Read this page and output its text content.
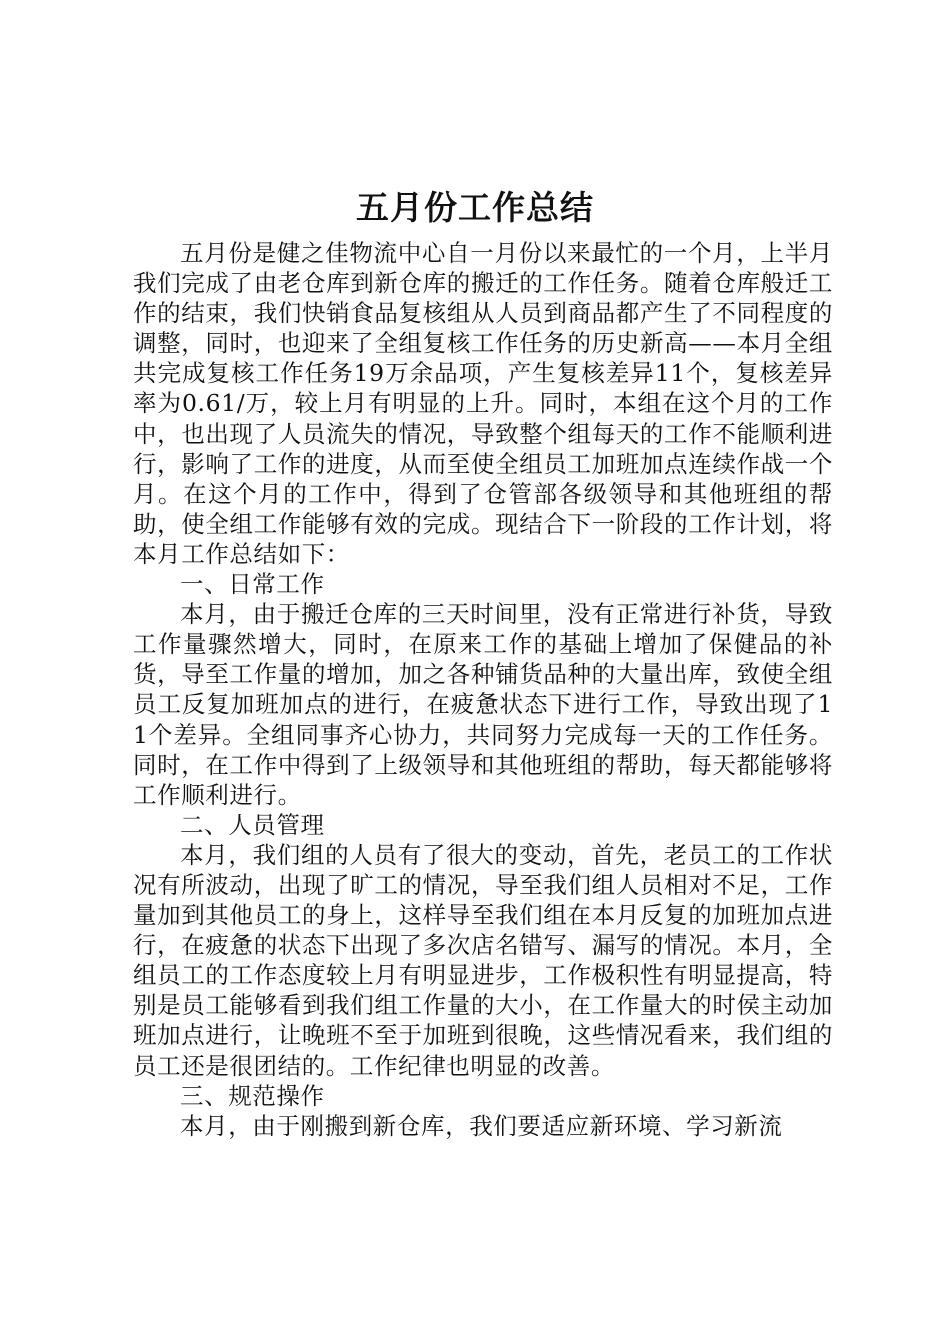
五月份工作总结

五月份是健之佳物流中心自一月份以来最忙的一个月，上半月我们完成了由老仓库到新仓库的搬迁的工作任务。随着仓库般迁工作的结束，我们快销食品复核组从人员到商品都产生了不同程度的调整，同时，也迎来了全组复核工作任务的历史新高——本月全组共完成复核工作任务19万余品项，产生复核差异11个，复核差异率为0.61/万，较上月有明显的上升。同时，本组在这个月的工作中，也出现了人员流失的情况，导致整个组每天的工作不能顺利进行，影响了工作的进度，从而至使全组员工加班加点连续作战一个月。在这个月的工作中，得到了仓管部各级领导和其他班组的帮助，使全组工作能够有效的完成。现结合下一阶段的工作计划，将本月工作总结如下：

一、日常工作

本月，由于搬迁仓库的三天时间里，没有正常进行补货，导致工作量骤然增大，同时，在原来工作的基础上增加了保健品的补货，导至工作量的增加，加之各种铺货品种的大量出库，致使全组员工反复加班加点的进行，在疲惫状态下进行工作，导致出现了11个差异。全组同事齐心协力，共同努力完成每一天的工作任务。同时，在工作中得到了上级领导和其他班组的帮助，每天都能够将工作顺利进行。

二、人员管理

本月，我们组的人员有了很大的变动，首先，老员工的工作状况有所波动，出现了旷工的情况，导至我们组人员相对不足，工作量加到其他员工的身上，这样导至我们组在本月反复的加班加点进行，在疲惫的状态下出现了多次店名错写、漏写的情况。本月，全组员工的工作态度较上月有明显进步，工作极积性有明显提高，特别是员工能够看到我们组工作量的大小，在工作量大的时侯主动加班加点进行，让晚班不至于加班到很晚，这些情况看来，我们组的员工还是很团结的。工作纪律也明显的改善。

三、规范操作

本月，由于刚搬到新仓库，我们要适应新环境、学习新流
